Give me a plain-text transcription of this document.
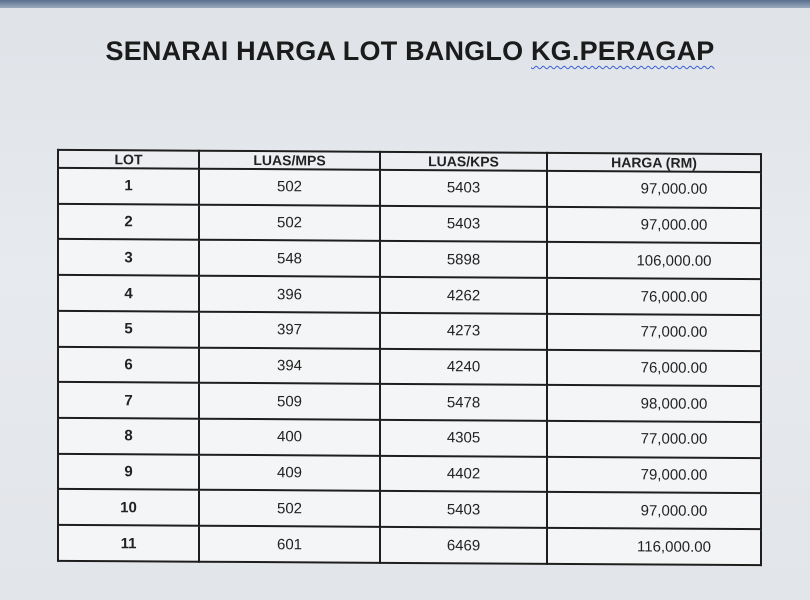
SENARAI HARGA LOT BANGLO KG.PERAGAP
LOT	LUAS/MPS	LUAS/KPS	HARGA (RM)
1	502	5403	97,000.00
2	502	5403	97,000.00
3	548	5898	106,000.00
4	396	4262	76,000.00
5	397	4273	77,000.00
6	394	4240	76,000.00
7	509	5478	98,000.00
8	400	4305	77,000.00
9	409	4402	79,000.00
10	502	5403	97,000.00
11	601	6469	116,000.00
